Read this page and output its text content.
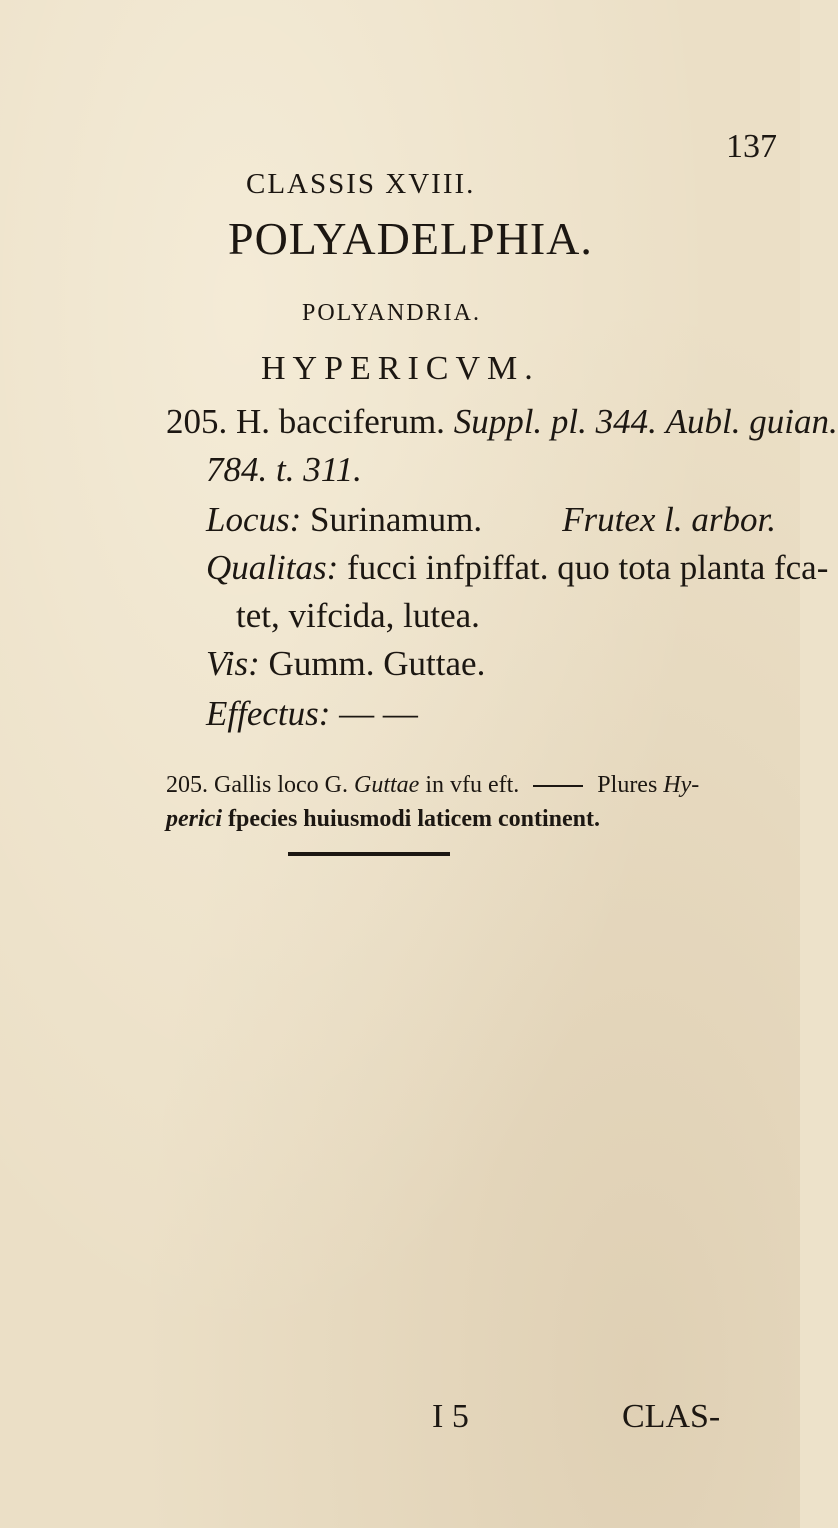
137
CLASSIS XVIII.
POLYADELPHIA.
POLYANDRIA.
HYPERICVM.
205. H. bacciferum. Suppl. pl. 344. Aubl. guian.
784. t. 311.
Locus: Surinamum. Frutex l. arbor.
Qualitas: fucci infpiffat. quo tota planta fca-
tet, vifcida, lutea.
Vis: Gumm. Guttae.
Effectus: — —
205. Gallis loco G. Guttae in vfu eft.	Plures Hy-
perici fpecies huiusmodi laticem continent.
I 5	CLAS-
